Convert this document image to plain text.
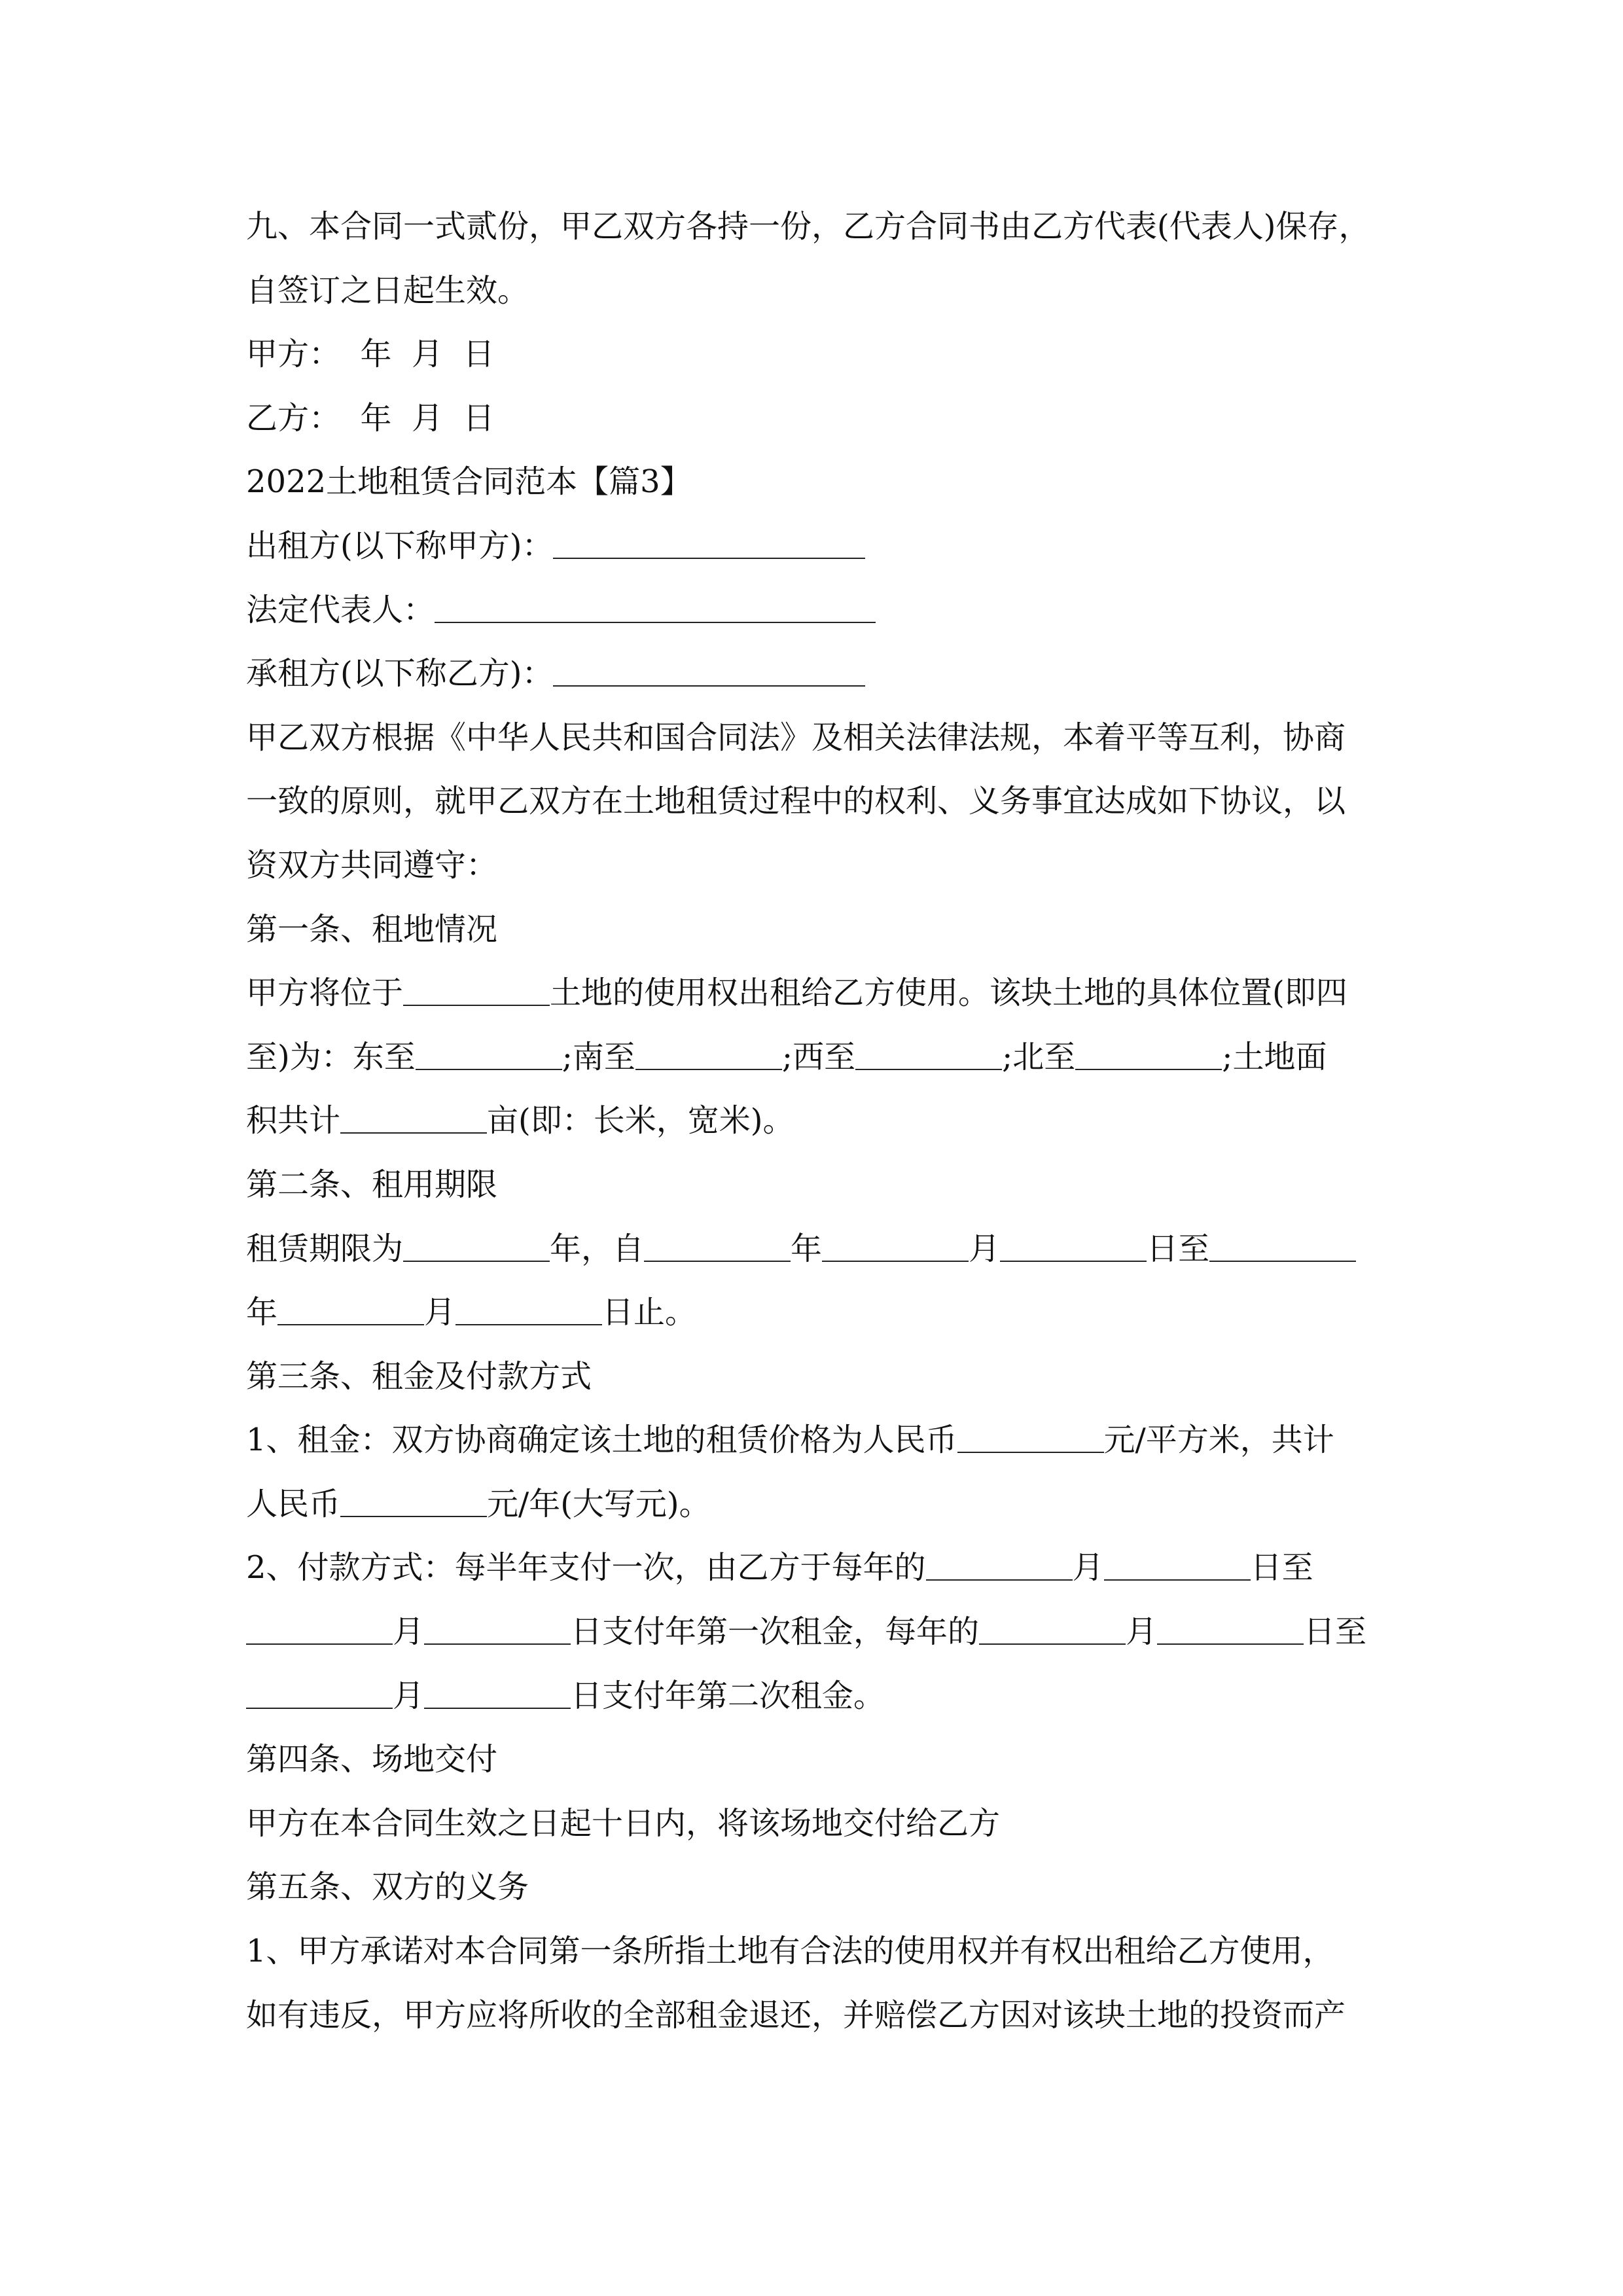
九、本合同一式贰份，甲乙双方各持一份，乙方合同书由乙方代表(代表人)保存，
自签订之日起生效。
甲方：  年  月  日
乙方：  年  月  日
2022土地租赁合同范本【篇3】
出租方(以下称甲方)：
法定代表人：
承租方(以下称乙方)：
甲乙双方根据《中华人民共和国合同法》及相关法律法规，本着平等互利，协商
一致的原则，就甲乙双方在土地租赁过程中的权利、义务事宜达成如下协议，以
资双方共同遵守：
第一条、租地情况
甲方将位于	土地的使用权出租给乙方使用。该块土地的具体位置(即四
至)为：东至	;南至	;西至	;北至	;土地面
积共计	亩(即：长米，宽米)。
第二条、租用期限
租赁期限为	年，自	年	月	日至
年	月	日止。
第三条、租金及付款方式
1、租金：双方协商确定该土地的租赁价格为人民币	元/平方米，共计
人民币	元/年(大写元)。
2、付款方式：每半年支付一次，由乙方于每年的	月	日至
月	日支付年第一次租金，每年的	月	日至
月	日支付年第二次租金。
第四条、场地交付
甲方在本合同生效之日起十日内，将该场地交付给乙方
第五条、双方的义务
1、甲方承诺对本合同第一条所指土地有合法的使用权并有权出租给乙方使用，
如有违反，甲方应将所收的全部租金退还，并赔偿乙方因对该块土地的投资而产
